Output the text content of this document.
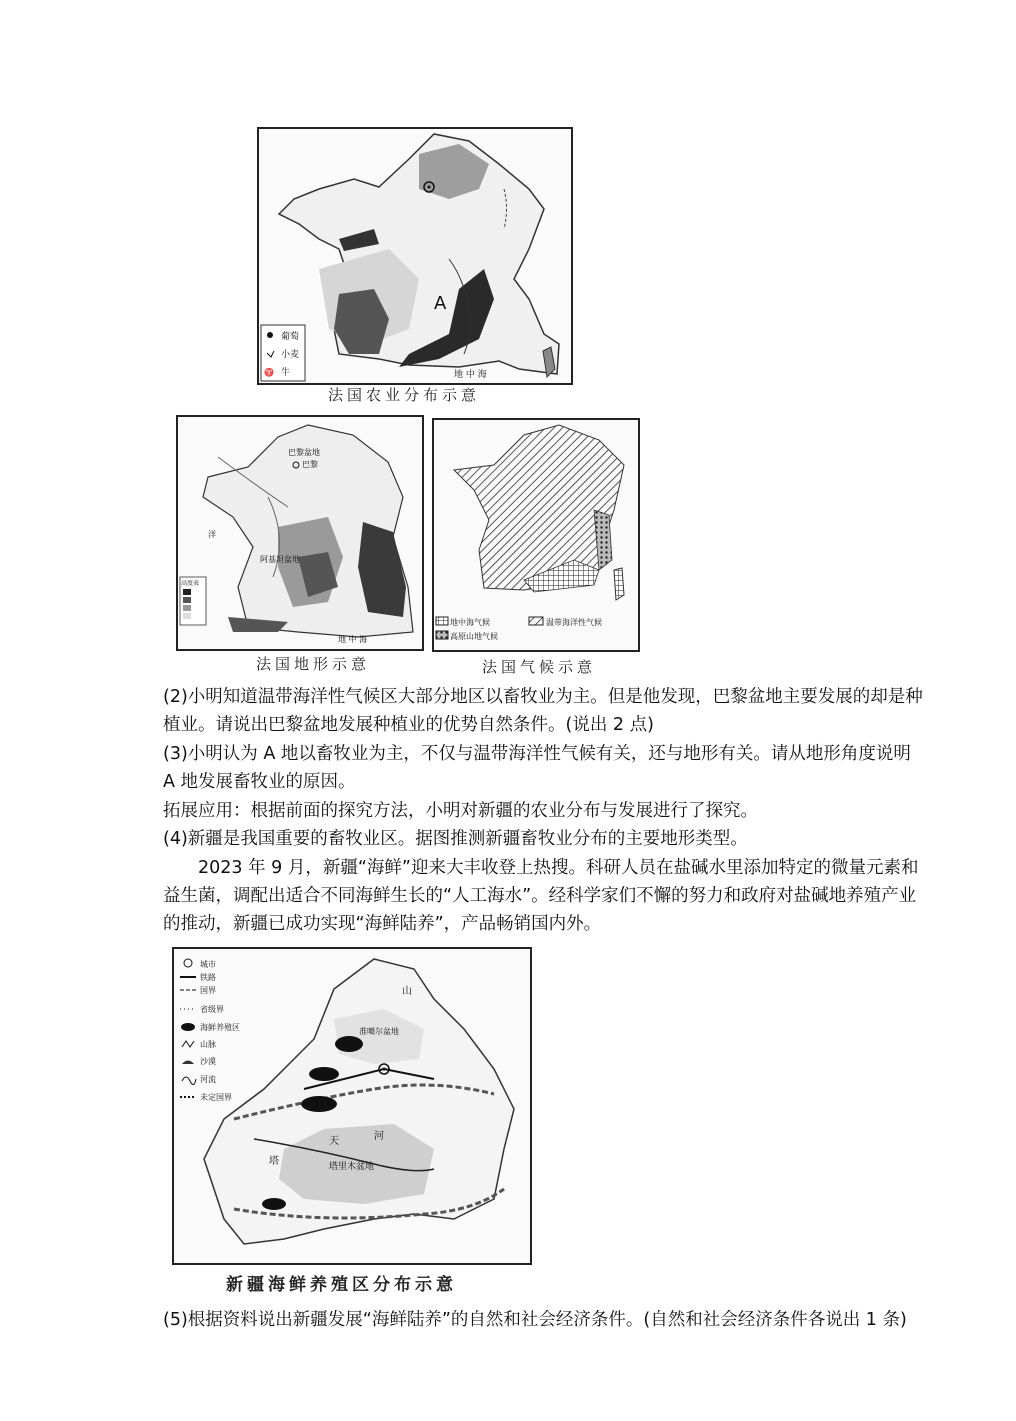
葡萄
小麦
牛
♈
A
地 中 海
法国农业分布示意
巴黎盆地
巴黎
阿基坦盆地
洋
地 中 海
高度表
法国地形示意
地中海气候	温带海洋性气候
高原山地气候
法国气候示意
(2)小明知道温带海洋性气候区大部分地区以畜牧业为主。但是他发现，巴黎盆地主要发展的却是种植业。请说出巴黎盆地发展种植业的优势自然条件。(说出 2 点)
(3)小明认为 A 地以畜牧业为主，不仅与温带海洋性气候有关，还与地形有关。请从地形角度说明 A 地发展畜牧业的原因。
拓展应用：根据前面的探究方法，小明对新疆的农业分布与发展进行了探究。
(4)新疆是我国重要的畜牧业区。据图推测新疆畜牧业分布的主要地形类型。
2023 年 9 月，新疆“海鲜”迎来大丰收登上热搜。科研人员在盐碱水里添加特定的微量元素和益生菌，调配出适合不同海鲜生长的“人工海水”。经科学家们不懈的努力和政府对盐碱地养殖产业的推动，新疆已成功实现“海鲜陆养”，产品畅销国内外。
城市
铁路
国界
省级界
海鲜养殖区
山脉
沙漠
河流
未定国界
塔里木盆地
准噶尔盆地
天
山
河
塔
新疆海鲜养殖区分布示意
(5)根据资料说出新疆发展“海鲜陆养”的自然和社会经济条件。(自然和社会经济条件各说出 1 条)
